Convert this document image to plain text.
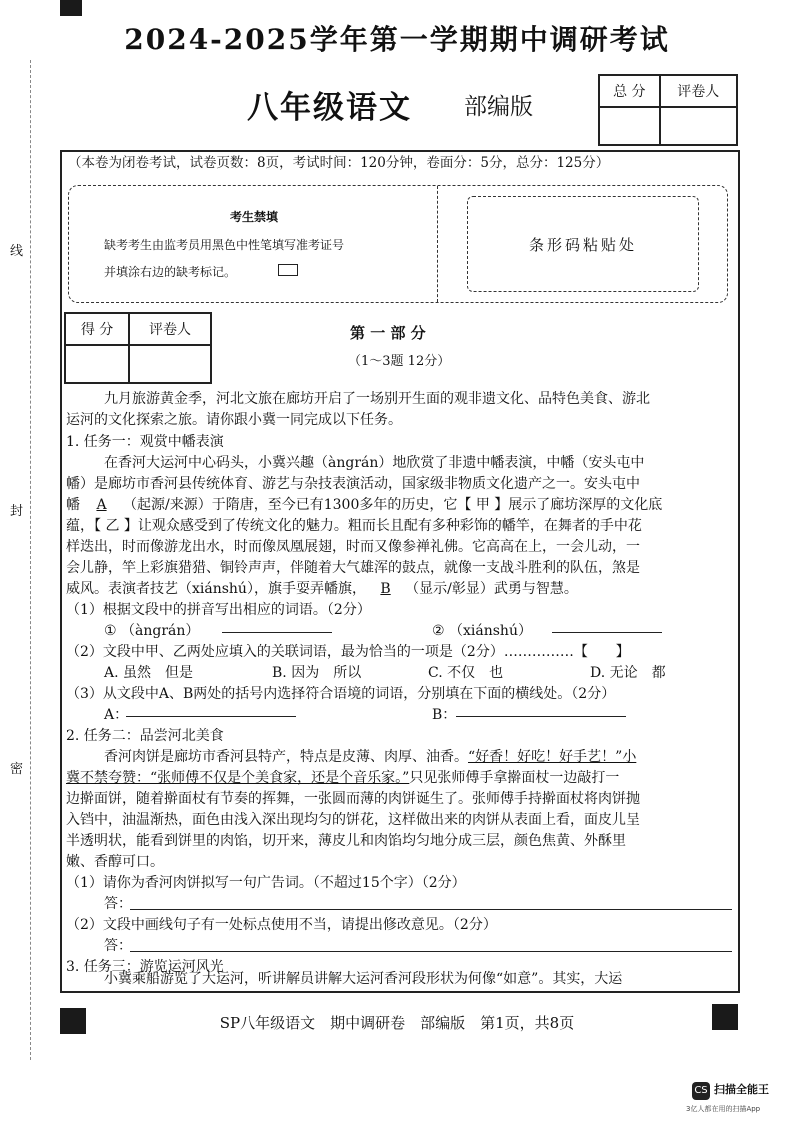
线
封
密
2024-2025学年第一学期期中调研考试
八年级语文 部编版
总 分	评卷人

（本卷为闭卷考试，试卷页数：8页，考试时间：120分钟，卷面分：5分，总分：125分）
考生禁填
缺考考生由监考员用黑色中性笔填写准考证号
并填涂右边的缺考标记。
条形码粘贴处
得 分	评卷人
		第 一 部 分
（1～3题 12分）
九月旅游黄金季，河北文旅在廊坊开启了一场别开生面的观非遗文化、品特色美食、游北
运河的文化探索之旅。请你跟小冀一同完成以下任务。
1. 任务一：观赏中幡表演
在香河大运河中心码头，小冀兴趣（àngrán）地欣赏了非遗中幡表演，中幡（安头屯中
幡）是廊坊市香河县传统体育、游艺与杂技表演活动，国家级非物质文化遗产之一。安头屯中
幡 A （起源/来源）于隋唐，至今已有1300多年的历史，它【 甲 】展示了廊坊深厚的文化底
蕴，【 乙 】让观众感受到了传统文化的魅力。粗而长且配有多种彩饰的幡竿，在舞者的手中花
样迭出，时而像游龙出水，时而像凤凰展翅，时而又像参禅礼佛。它高高在上，一会儿动，一
会儿静，竿上彩旗猎猎、铜铃声声，伴随着大气雄浑的鼓点，就像一支战斗胜利的队伍，煞是
威风。表演者技艺（xiánshú），旗手耍弄幡旗， B （显示/彰显）武勇与智慧。
（1）根据文段中的拼音写出相应的词语。（2分）
① （àngrán）	② （xiánshú）
（2）文段中甲、乙两处应填入的关联词语，最为恰当的一项是（2分）……………【　　】
A. 虽然　但是	B. 因为　所以	C. 不仅　也	D. 无论　都
（3）从文段中A、B两处的括号内选择符合语境的词语，分别填在下面的横线处。（2分）
A：	B：
2. 任务二：品尝河北美食
香河肉饼是廊坊市香河县特产，特点是皮薄、肉厚、油香。“好香！好吃！好手艺！”小
冀不禁夸赞：“张师傅不仅是个美食家，还是个音乐家。”只见张师傅手拿擀面杖一边敲打一
边擀面饼，随着擀面杖有节奏的挥舞，一张圆而薄的肉饼诞生了。张师傅手持擀面杖将肉饼抛
入铛中，油温渐热，面色由浅入深出现均匀的饼花，这样做出来的肉饼从表面上看，面皮儿呈
半透明状，能看到饼里的肉馅，切开来，薄皮儿和肉馅均匀地分成三层，颜色焦黄、外酥里
嫩、香醇可口。
（1）请你为香河肉饼拟写一句广告词。（不超过15个字）（2分）
答：
（2）文段中画线句子有一处标点使用不当，请提出修改意见。（2分）
答：
3. 任务三：游览运河风光
小冀乘船游览了大运河，听讲解员讲解大运河香河段形状为何像“如意”。其实，大运
SP八年级语文　期中调研卷　部编版　第1页，共8页
CS 扫描全能王
3亿人都在用的扫描App
